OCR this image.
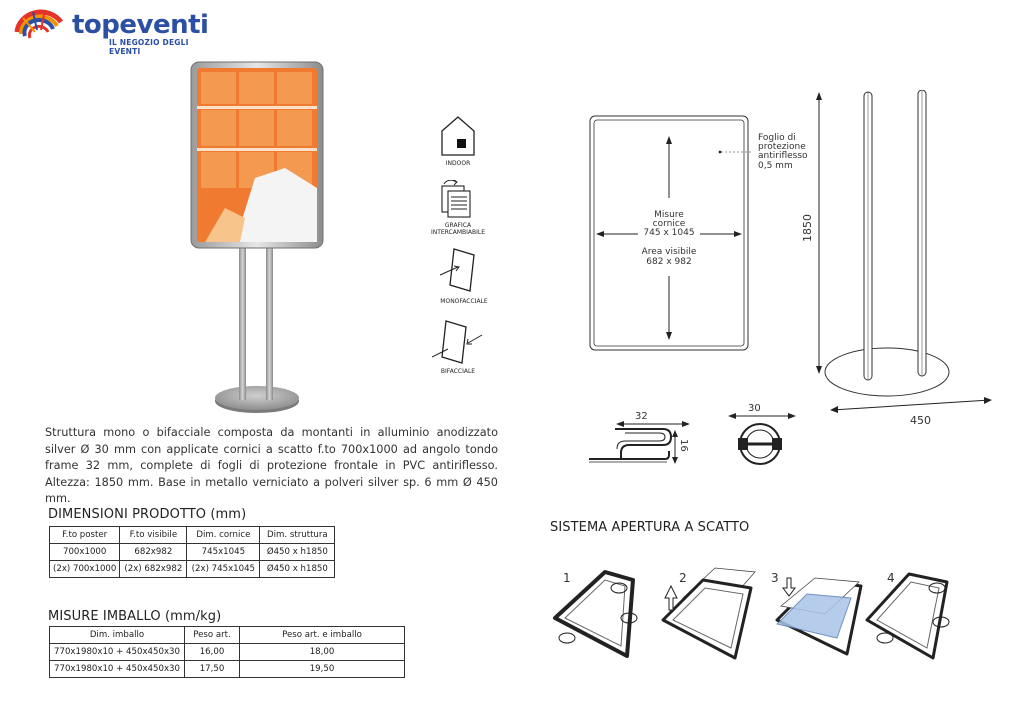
topeventi
IL NEGOZIO DEGLI EVENTI
INDOOR
GRAFICA INTERCAMBIABILE
MONOFACCIALE
BIFACCIALE
Misure
cornice
745 x 1045
Area visibile
682 x 982
Foglio di
protezione
antiriflesso
0,5 mm
1850
450
32
30
16
Struttura mono o bifacciale composta da montanti in alluminio anodizzato silver Ø 30 mm con applicate cornici a scatto f.to 700x1000 ad angolo tondo frame 32 mm, complete di fogli di protezione frontale in PVC antiriflesso. Altezza: 1850 mm. Base in metallo verniciato a polveri silver sp. 6 mm Ø 450 mm.
DIMENSIONI PRODOTTO (mm)
F.to poster	F.to visibile	Dim. cornice	Dim. struttura
700x1000	682x982	745x1045	Ø450 x h1850
(2x) 700x1000	(2x) 682x982	(2x) 745x1045	Ø450 x h1850
MISURE IMBALLO (mm/kg)
Dim. imballo	Peso art.	Peso art. e imballo
770x1980x10 + 450x450x30	16,00	18,00
770x1980x10 + 450x450x30	17,50	19,50
SISTEMA APERTURA A SCATTO
1	2	3	4
